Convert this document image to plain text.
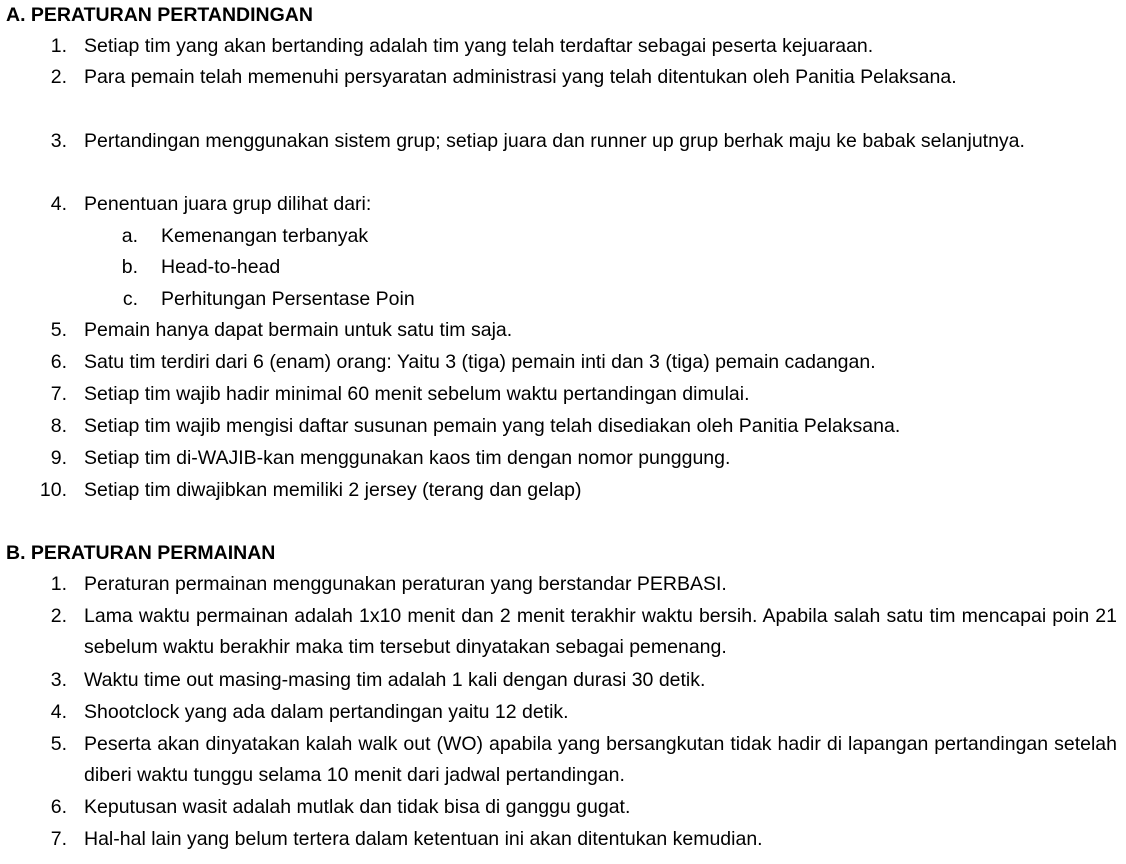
A. PERATURAN PERTANDINGAN
1. Setiap tim yang akan bertanding adalah tim yang telah terdaftar sebagai peserta kejuaraan.
2. Para pemain telah memenuhi persyaratan administrasi yang telah ditentukan oleh Panitia Pelaksana.
3. Pertandingan menggunakan sistem grup; setiap juara dan runner up grup berhak maju ke babak selanjutnya.
4. Penentuan juara grup dilihat dari:
a. Kemenangan terbanyak
b. Head-to-head
c. Perhitungan Persentase Poin
5. Pemain hanya dapat bermain untuk satu tim saja.
6. Satu tim terdiri dari 6 (enam) orang: Yaitu 3 (tiga) pemain inti dan 3 (tiga) pemain cadangan.
7. Setiap tim wajib hadir minimal 60 menit sebelum waktu pertandingan dimulai.
8. Setiap tim wajib mengisi daftar susunan pemain yang telah disediakan oleh Panitia Pelaksana.
9. Setiap tim di-WAJIB-kan menggunakan kaos tim dengan nomor punggung.
10. Setiap tim diwajibkan memiliki 2 jersey (terang dan gelap)
B. PERATURAN PERMAINAN
1. Peraturan permainan menggunakan peraturan yang berstandar PERBASI.
2. Lama waktu permainan adalah 1x10 menit dan 2 menit terakhir waktu bersih. Apabila salah satu tim mencapai poin 21 sebelum waktu berakhir maka tim tersebut dinyatakan sebagai pemenang.
3. Waktu time out masing-masing tim adalah 1 kali dengan durasi 30 detik.
4. Shootclock yang ada dalam pertandingan yaitu 12 detik.
5. Peserta akan dinyatakan kalah walk out (WO) apabila yang bersangkutan tidak hadir di lapangan pertandingan setelah diberi waktu tunggu selama 10 menit dari jadwal pertandingan.
6. Keputusan wasit adalah mutlak dan tidak bisa di ganggu gugat.
7. Hal-hal lain yang belum tertera dalam ketentuan ini akan ditentukan kemudian.
